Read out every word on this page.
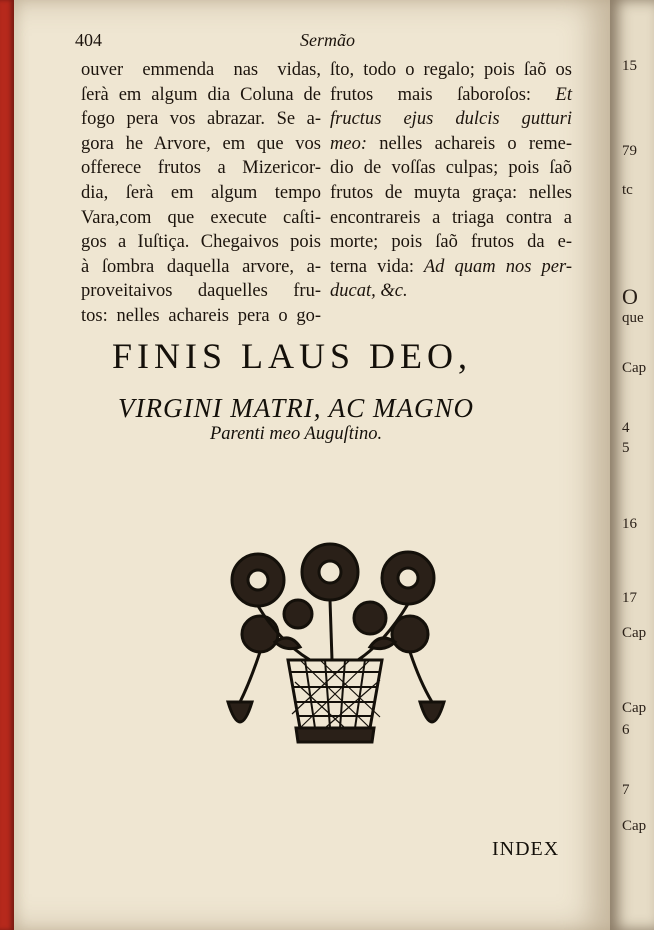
15
79
tc
O
que
Cap
4
5
16
17
Cap
Cap
6
7
Cap
404	Sermão
ouver emmenda nas vidas,
ſerà em algum dia Coluna de
fogo pera vos abrazar. Se a-
gora he Arvore, em que vos
offerece frutos a Mizericor-
dia, ſerà em algum tempo
Vara,com que execute caſti-
gos a Iuſtiça. Chegaivos pois
à ſombra daquella arvore, a-
proveitaivos daquelles fru-
tos: nelles achareis pera o go-
ſto, todo o regalo; pois ſaõ os
frutos mais ſaboroſos: Et
fructus ejus dulcis gutturi
meo: nelles achareis o reme-
dio de voſſas culpas; pois ſaõ
frutos de muyta graça: nelles
encontrareis a triaga contra a
morte; pois ſaõ frutos da e-
terna vida: Ad quam nos per-
ducat, &c.
FINIS LAUS DEO,
VIRGINI MATRI, AC MAGNO
Parenti meo Auguſtino.
INDEX
